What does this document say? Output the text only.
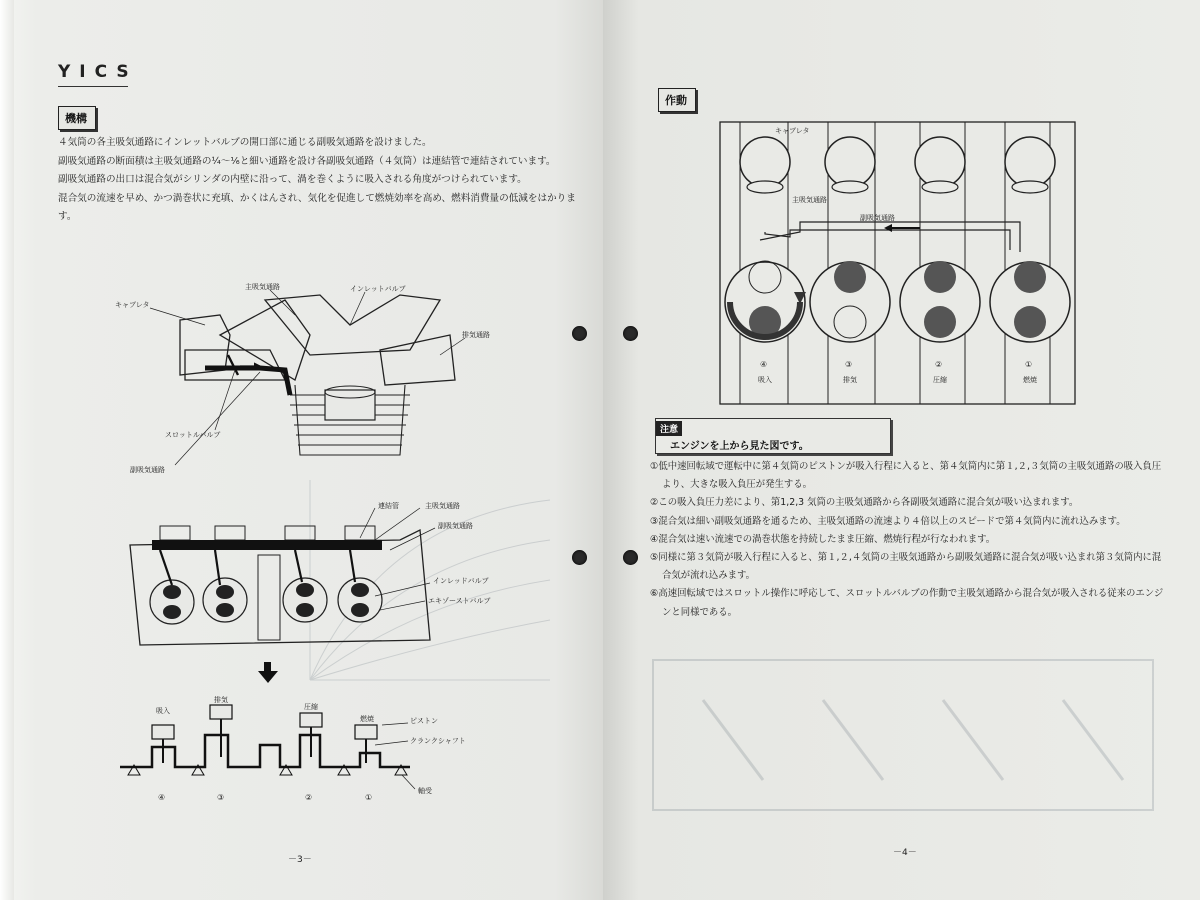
YICS
機構

４気筒の各主吸気通路にインレットバルブの開口部に通じる副吸気通路を設けました。

副吸気通路の断面積は主吸気通路の¼～⅙と細い通路を設け各副吸気通路（４気筒）は連結管で連結されています。

副吸気通路の出口は混合気がシリンダの内壁に沿って、渦を巻くように吸入される角度がつけられています。

混合気の流速を早め、かつ渦巻状に充填、かくはんされ、気化を促進して燃焼効率を高め、燃料消費量の低減をはかります。

キャブレタ
主吸気通路	インレットバルブ
排気通路
スロットルバルブ
副吸気通路
連結管	主吸気通路
副吸気通路
インレッドバルブ
エキゾーストバルブ
吸入
排気
圧縮
燃焼	ピストン
クランクシャフト
軸受
④	③	②	①
－3－
作動
④	③	②	①
吸入	排気	圧縮	燃焼
キャブレタ
主吸気通路
副吸気通路
注意
エンジンを上から見た図です。

①低中速回転域で運転中に第４気筒のピストンが吸入行程に入ると、第４気筒内に第１,２,３気筒の主吸気通路の吸入負圧より、大きな吸入負圧が発生する。

②この吸入負圧力差により、第1,2,3 気筒の主吸気通路から各副吸気通路に混合気が吸い込まれます。

③混合気は細い副吸気通路を通るため、主吸気通路の流速より４倍以上のスピードで第４気筒内に流れ込みます。

④混合気は速い流速での渦巻状態を持続したまま圧縮、燃焼行程が行なわれます。

⑤同様に第３気筒が吸入行程に入ると、第１,２,４気筒の主吸気通路から副吸気通路に混合気が吸い込まれ第３気筒内に混合気が流れ込みます。

⑥高速回転域ではスロットル操作に呼応して、スロットルバルブの作動で主吸気通路から混合気が吸入される従来のエンジンと同様である。

－4－
